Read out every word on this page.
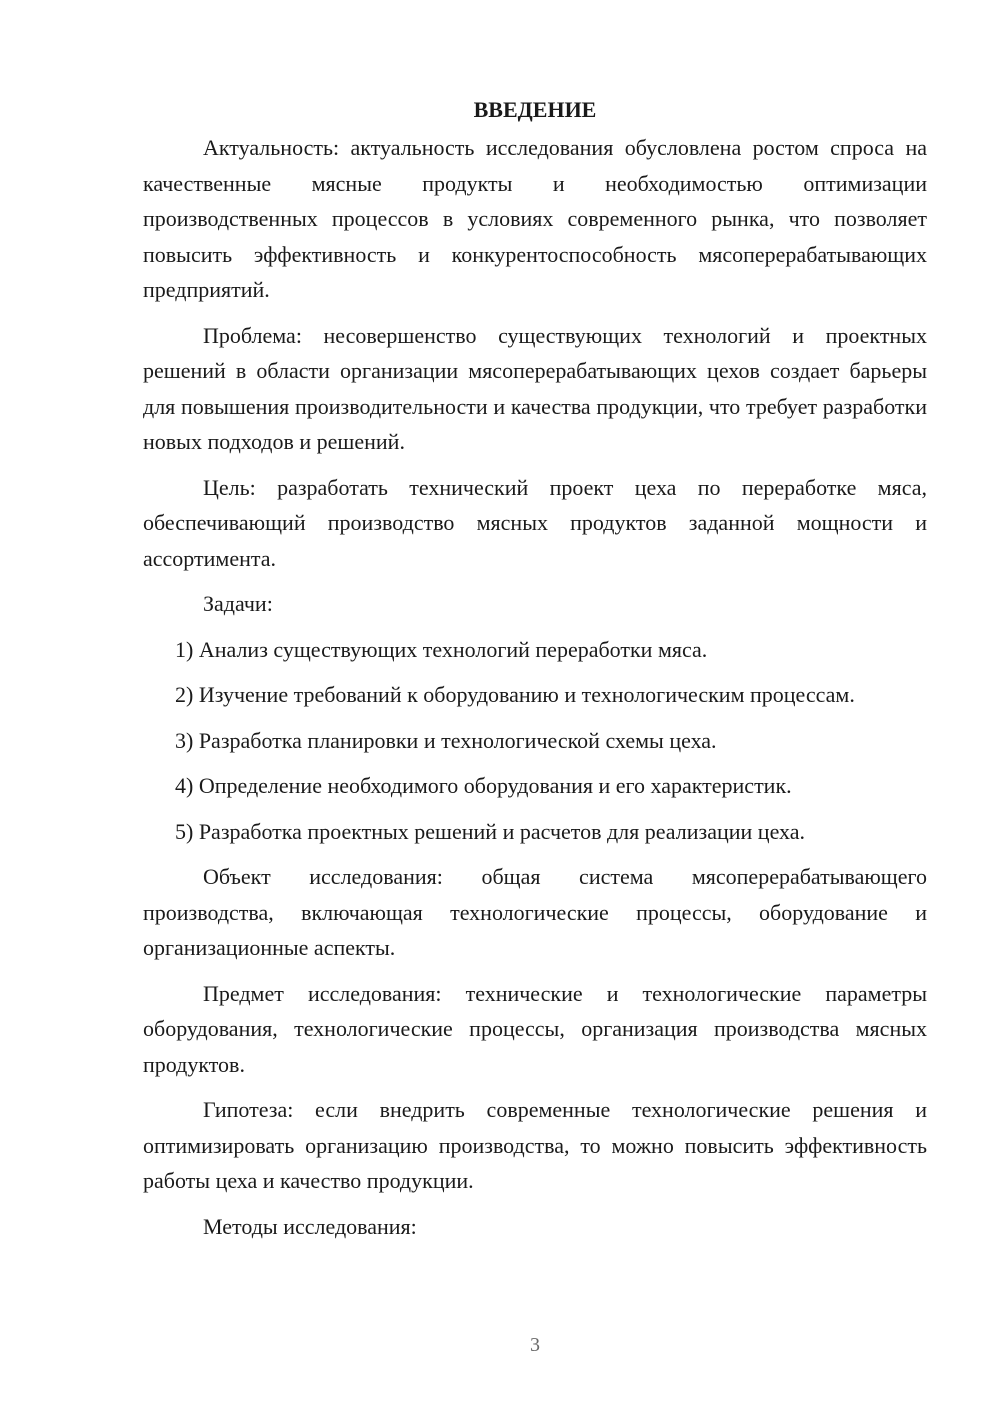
ВВЕДЕНИЕ

Актуальность: актуальность исследования обусловлена ростом спроса на качественные мясные продукты и необходимостью оптимизации производственных процессов в условиях современного рынка, что позволяет повысить эффективность и конкурентоспособность мясоперерабатывающих предприятий.

Проблема: несовершенство существующих технологий и проектных решений в области организации мясоперерабатывающих цехов создает барьеры для повышения производительности и качества продукции, что требует разработки новых подходов и решений.

Цель: разработать технический проект цеха по переработке мяса, обеспечивающий производство мясных продуктов заданной мощности и ассортимента.

Задачи:

1) Анализ существующих технологий переработки мяса.

2) Изучение требований к оборудованию и технологическим процессам.

3) Разработка планировки и технологической схемы цеха.

4) Определение необходимого оборудования и его характеристик.

5) Разработка проектных решений и расчетов для реализации цеха.

Объект исследования: общая система мясоперерабатывающего производства, включающая технологические процессы, оборудование и организационные аспекты.

Предмет исследования: технические и технологические параметры оборудования, технологические процессы, организация производства мясных продуктов.

Гипотеза: если внедрить современные технологические решения и оптимизировать организацию производства, то можно повысить эффективность работы цеха и качество продукции.

Методы исследования:

3
